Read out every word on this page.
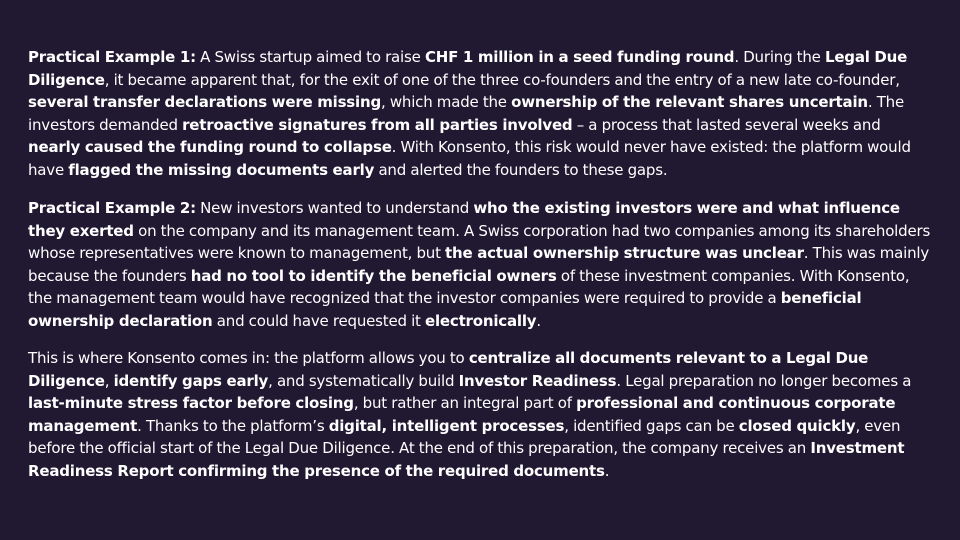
Practical Example 1: A Swiss startup aimed to raise CHF 1 million in a seed funding round. During the Legal Due Diligence, it became apparent that, for the exit of one of the three co-founders and the entry of a new late co-founder, several transfer declarations were missing, which made the ownership of the relevant shares uncertain. The investors demanded retroactive signatures from all parties involved – a process that lasted several weeks and nearly caused the funding round to collapse. With Konsento, this risk would never have existed: the platform would have flagged the missing documents early and alerted the founders to these gaps.

Practical Example 2: New investors wanted to understand who the existing investors were and what influence they exerted on the company and its management team. A Swiss corporation had two companies among its shareholders whose representatives were known to management, but the actual ownership structure was unclear. This was mainly because the founders had no tool to identify the beneficial owners of these investment companies. With Konsento, the management team would have recognized that the investor companies were required to provide a beneficial ownership declaration and could have requested it electronically.

This is where Konsento comes in: the platform allows you to centralize all documents relevant to a Legal Due Diligence, identify gaps early, and systematically build Investor Readiness. Legal preparation no longer becomes a last-minute stress factor before closing, but rather an integral part of professional and continuous corporate management. Thanks to the platform’s digital, intelligent processes, identified gaps can be closed quickly, even before the official start of the Legal Due Diligence. At the end of this preparation, the company receives an Investment Readiness Report confirming the presence of the required documents.
